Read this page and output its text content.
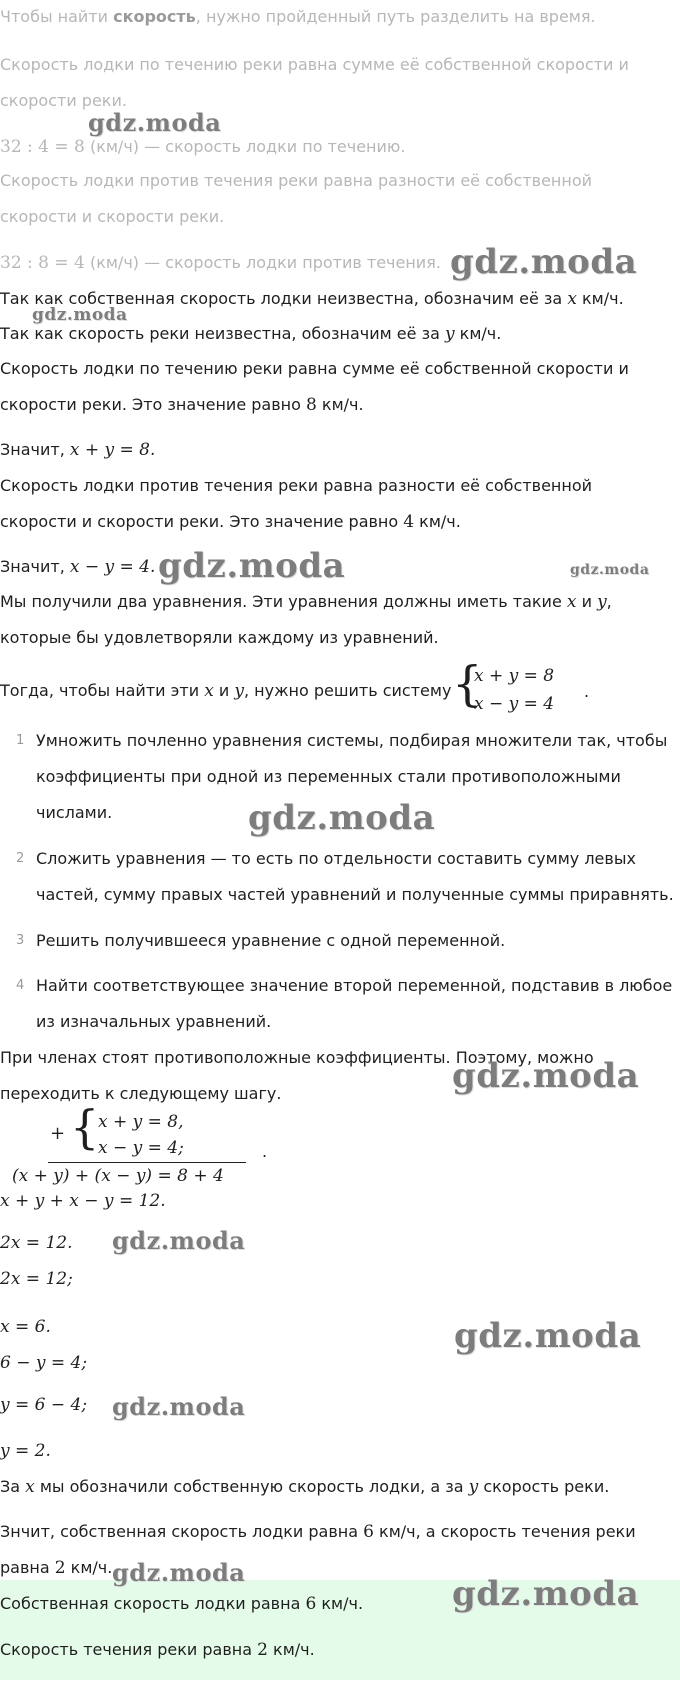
Чтобы найти скорость, нужно пройденный путь разделить на время.
Скорость лодки по течению реки равна сумме её собственной скорости и
скорости реки.
32 : 4 = 8 (км/ч) — скорость лодки по течению.
Скорость лодки против течения реки равна разности её собственной
скорости и скорости реки.
32 : 8 = 4 (км/ч) — скорость лодки против течения.
Так как собственная скорость лодки неизвестна, обозначим её за x км/ч.
Так как скорость реки неизвестна, обозначим её за y км/ч.
Скорость лодки по течению реки равна сумме её собственной скорости и
скорости реки. Это значение равно 8 км/ч.
Значит, x + y = 8.
Скорость лодки против течения реки равна разности её собственной
скорости и скорости реки. Это значение равно 4 км/ч.
Значит, x − y = 4.
Мы получили два уравнения. Эти уравнения должны иметь такие x и y,
которые бы удовлетворяли каждому из уравнений.
Тогда, чтобы найти эти x и y, нужно решить систему {
x + y = 8
x − y = 4
.
1 Умножить почленно уравнения системы, подбирая множители так, чтобы
коэффициенты при одной из переменных стали противоположными
числами.
2 Сложить уравнения — то есть по отдельности составить сумму левых
частей, сумму правых частей уравнений и полученные суммы приравнять.
3 Решить получившееся уравнение с одной переменной.
4 Найти соответствующее значение второй переменной, подставив в любое
из изначальных уравнений.
При членах стоят противоположные коэффициенты. Поэтому, можно
переходить к следующему шагу.
+ {
x + y = 8,
x − y = 4;
(x + y) + (x − y) = 8 + 4
.
x + y + x − y = 12.
2x = 12.
2x = 12;
x = 6.
6 − y = 4;
y = 6 − 4;
y = 2.
За x мы обозначили собственную скорость лодки, а за y скорость реки.
Знчит, собственная скорость лодки равна 6 км/ч, а скорость течения реки
равна 2 км/ч.
Собственная скорость лодки равна 6 км/ч.
Скорость течения реки равна 2 км/ч.
gdz.moda
gdz.moda
gdz.moda
gdz.moda	gdz.moda
gdz.moda
gdz.moda
gdz.moda
gdz.moda
gdz.moda
gdz.moda
gdz.moda
